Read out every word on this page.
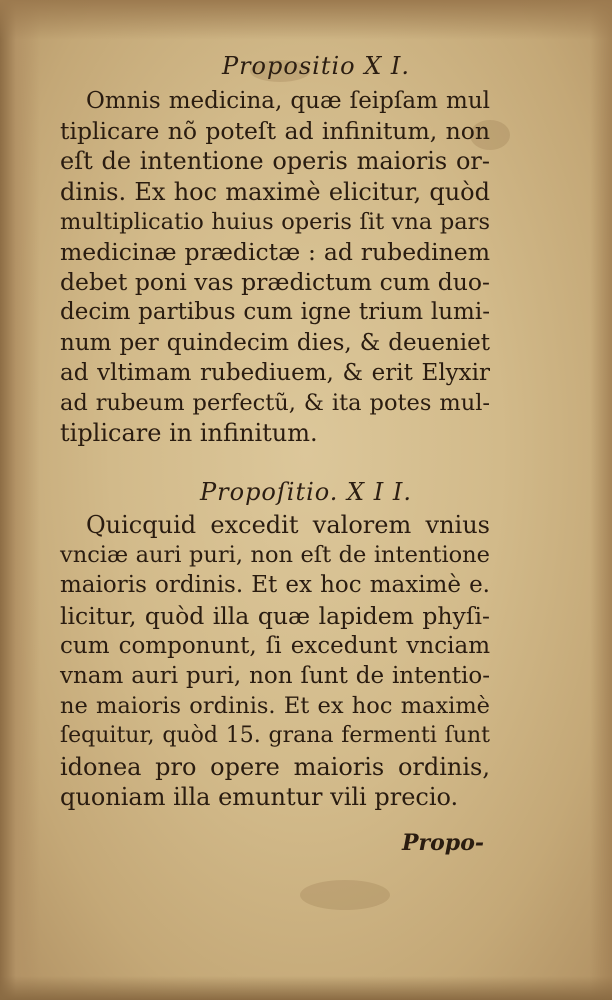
Propositio X I.
Omnis medicina, quæ ſeipſam mul
tiplicare nõ poteſt ad infinitum, non
eſt de intentione operis maioris or-
dinis. Ex hoc maximè elicitur, quòd
multiplicatio huius operis ſit vna pars
medicinæ prædictæ : ad rubedinem
debet poni vas prædictum cum duo-
decim partibus cum igne trium lumi-
num per quindecim dies, & deueniet
ad vltimam rubediuem, & erit Elyxir
ad rubeum perfectũ, & ita potes mul-
tiplicare in infinitum.
Propoſitio. X I I.
Quicquid excedit valorem vnius
vnciæ auri puri, non eſt de intentione
maioris ordinis. Et ex hoc maximè e.
licitur, quòd illa quæ lapidem phyſi-
cum componunt, ſi excedunt vnciam
vnam auri puri, non ſunt de intentio-
ne maioris ordinis. Et ex hoc maximè
ſequitur, quòd 15. grana fermenti ſunt
idonea pro opere maioris ordinis,
quoniam illa emuntur vili precio.
Propo-
